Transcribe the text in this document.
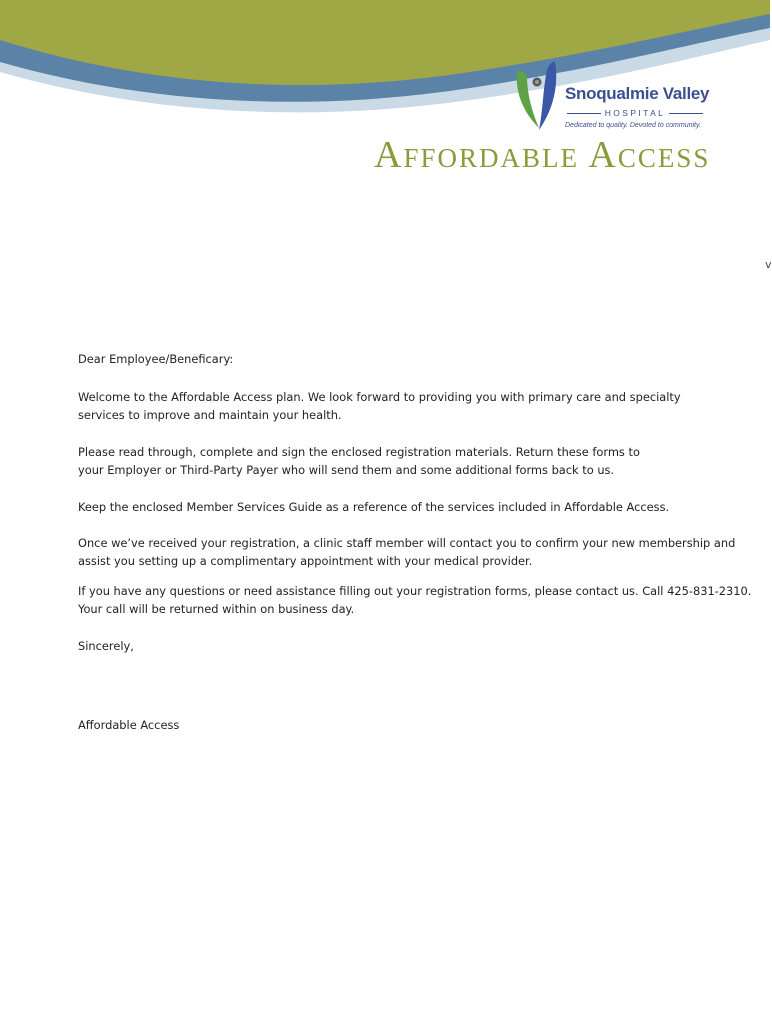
Snoqualmie Valley
HOSPITAL
Dedicated to quality. Devoted to community.
Affordable Access
v

Dear Employee/Beneficary:

Welcome to the Affordable Access plan. We look forward to providing you with primary care and specialty
services to improve and maintain your health.

Please read through, complete and sign the enclosed registration materials. Return these forms to
your Employer or Third-Party Payer who will send them and some additional forms back to us.

Keep the enclosed Member Services Guide as a reference of the services included in Affordable Access.

Once we’ve received your registration, a clinic staff member will contact you to confirm your new membership and
assist you setting up a complimentary appointment with your medical provider.

If you have any questions or need assistance filling out your registration forms, please contact us. Call 425-831-2310.
Your call will be returned within on business day.

Sincerely,

Affordable Access
